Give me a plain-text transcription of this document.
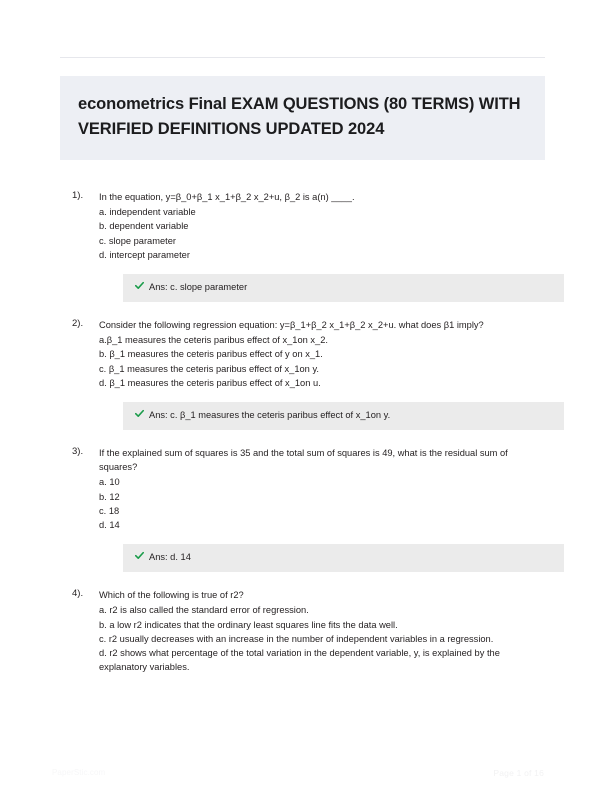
econometrics Final EXAM QUESTIONS (80 TERMS) WITH VERIFIED DEFINITIONS UPDATED 2024
1).	In the equation, y=β_0+β_1 x_1+β_2 x_2+u, β_2 is a(n) ____.
a. independent variable
b. dependent variable
c. slope parameter
d. intercept parameter
Ans: c. slope parameter
2).	Consider the following regression equation: y=β_1+β_2 x_1+β_2 x_2+u. what does β1 imply?
a.β_1 measures the ceteris paribus effect of x_1on x_2.
b. β_1 measures the ceteris paribus effect of y on x_1.
c. β_1 measures the ceteris paribus effect of x_1on y.
d. β_1 measures the ceteris paribus effect of x_1on u.
Ans: c. β_1 measures the ceteris paribus effect of x_1on y.
3).	If the explained sum of squares is 35 and the total sum of squares is 49, what is the residual sum of squares?
a. 10
b. 12
c. 18
d. 14
Ans: d. 14
4).	Which of the following is true of r2?
a. r2 is also called the standard error of regression.
b. a low r2 indicates that the ordinary least squares line fits the data well.
c. r2 usually decreases with an increase in the number of independent variables in a regression.
d. r2 shows what percentage of the total variation in the dependent variable, y, is explained by the explanatory variables.
PaperStic.com	Page 1 of 16
